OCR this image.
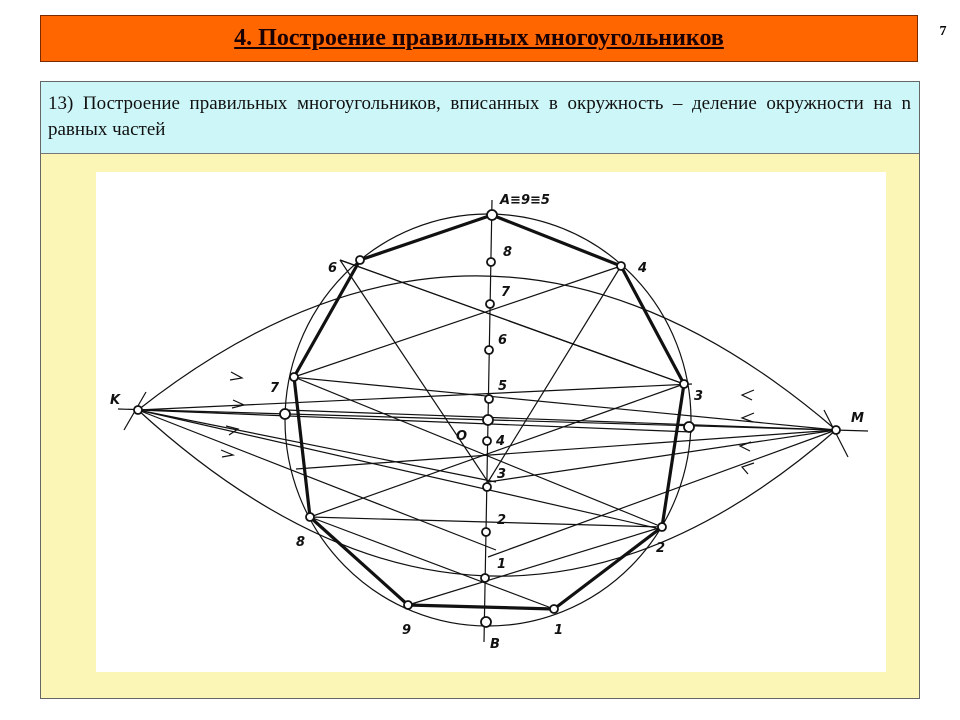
4. Построение правильных многоугольников	7

13) Построение правильных многоугольников, вписанных в окружность – деление окружности на n равных частей

A≡9≡5
B
O
K
M
1
2
3
4
6
7
8
9
1
2
3
4
5
6
7
8
